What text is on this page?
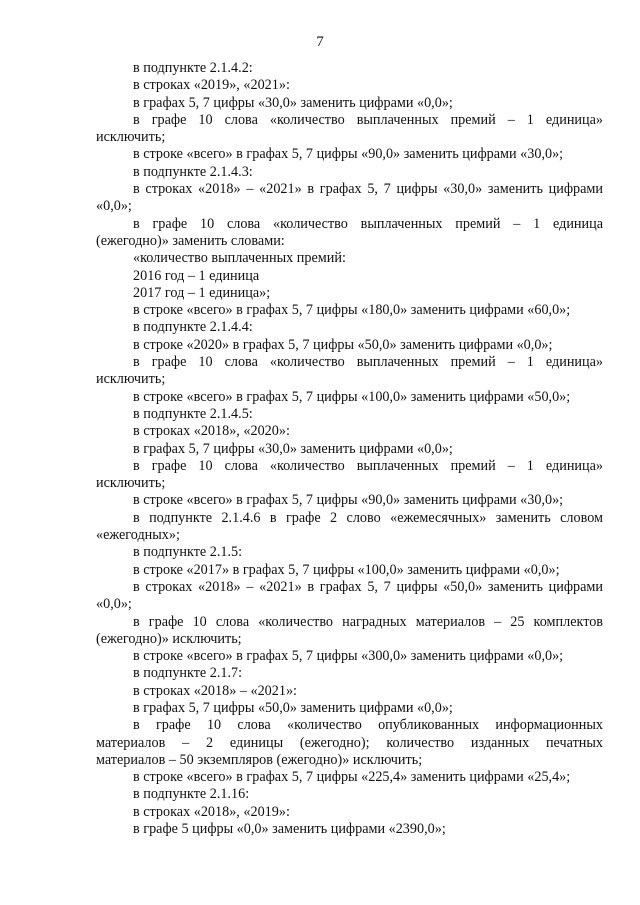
7
в подпункте 2.1.4.2:
в строках «2019», «2021»:
в графах 5, 7 цифры «30,0» заменить цифрами «0,0»;
в графе 10 слова «количество выплаченных премий – 1 единица»
исключить;
в строке «всего» в графах 5, 7 цифры «90,0» заменить цифрами «30,0»;
в подпункте 2.1.4.3:
в строках «2018» – «2021» в графах 5, 7 цифры «30,0» заменить цифрами
«0,0»;
в графе 10 слова «количество выплаченных премий – 1 единица
(ежегодно)» заменить словами:
«количество выплаченных премий:
2016 год – 1 единица
2017 год – 1 единица»;
в строке «всего» в графах 5, 7 цифры «180,0» заменить цифрами «60,0»;
в подпункте 2.1.4.4:
в строке «2020» в графах 5, 7 цифры «50,0» заменить цифрами «0,0»;
в графе 10 слова «количество выплаченных премий – 1 единица»
исключить;
в строке «всего» в графах 5, 7 цифры «100,0» заменить цифрами «50,0»;
в подпункте 2.1.4.5:
в строках «2018», «2020»:
в графах 5, 7 цифры «30,0» заменить цифрами «0,0»;
в графе 10 слова «количество выплаченных премий – 1 единица»
исключить;
в строке «всего» в графах 5, 7 цифры «90,0» заменить цифрами «30,0»;
в подпункте 2.1.4.6 в графе 2 слово «ежемесячных» заменить словом
«ежегодных»;
в подпункте 2.1.5:
в строке «2017» в графах 5, 7 цифры «100,0» заменить цифрами «0,0»;
в строках «2018» – «2021» в графах 5, 7 цифры «50,0» заменить цифрами
«0,0»;
в графе 10 слова «количество наградных материалов – 25 комплектов
(ежегодно)» исключить;
в строке «всего» в графах 5, 7 цифры «300,0» заменить цифрами «0,0»;
в подпункте 2.1.7:
в строках «2018» – «2021»:
в графах 5, 7 цифры «50,0» заменить цифрами «0,0»;
в графе 10 слова «количество опубликованных информационных
материалов – 2 единицы (ежегодно); количество изданных печатных
материалов – 50 экземпляров (ежегодно)» исключить;
в строке «всего» в графах 5, 7 цифры «225,4» заменить цифрами «25,4»;
в подпункте 2.1.16:
в строках «2018», «2019»:
в графе 5 цифры «0,0» заменить цифрами «2390,0»;
